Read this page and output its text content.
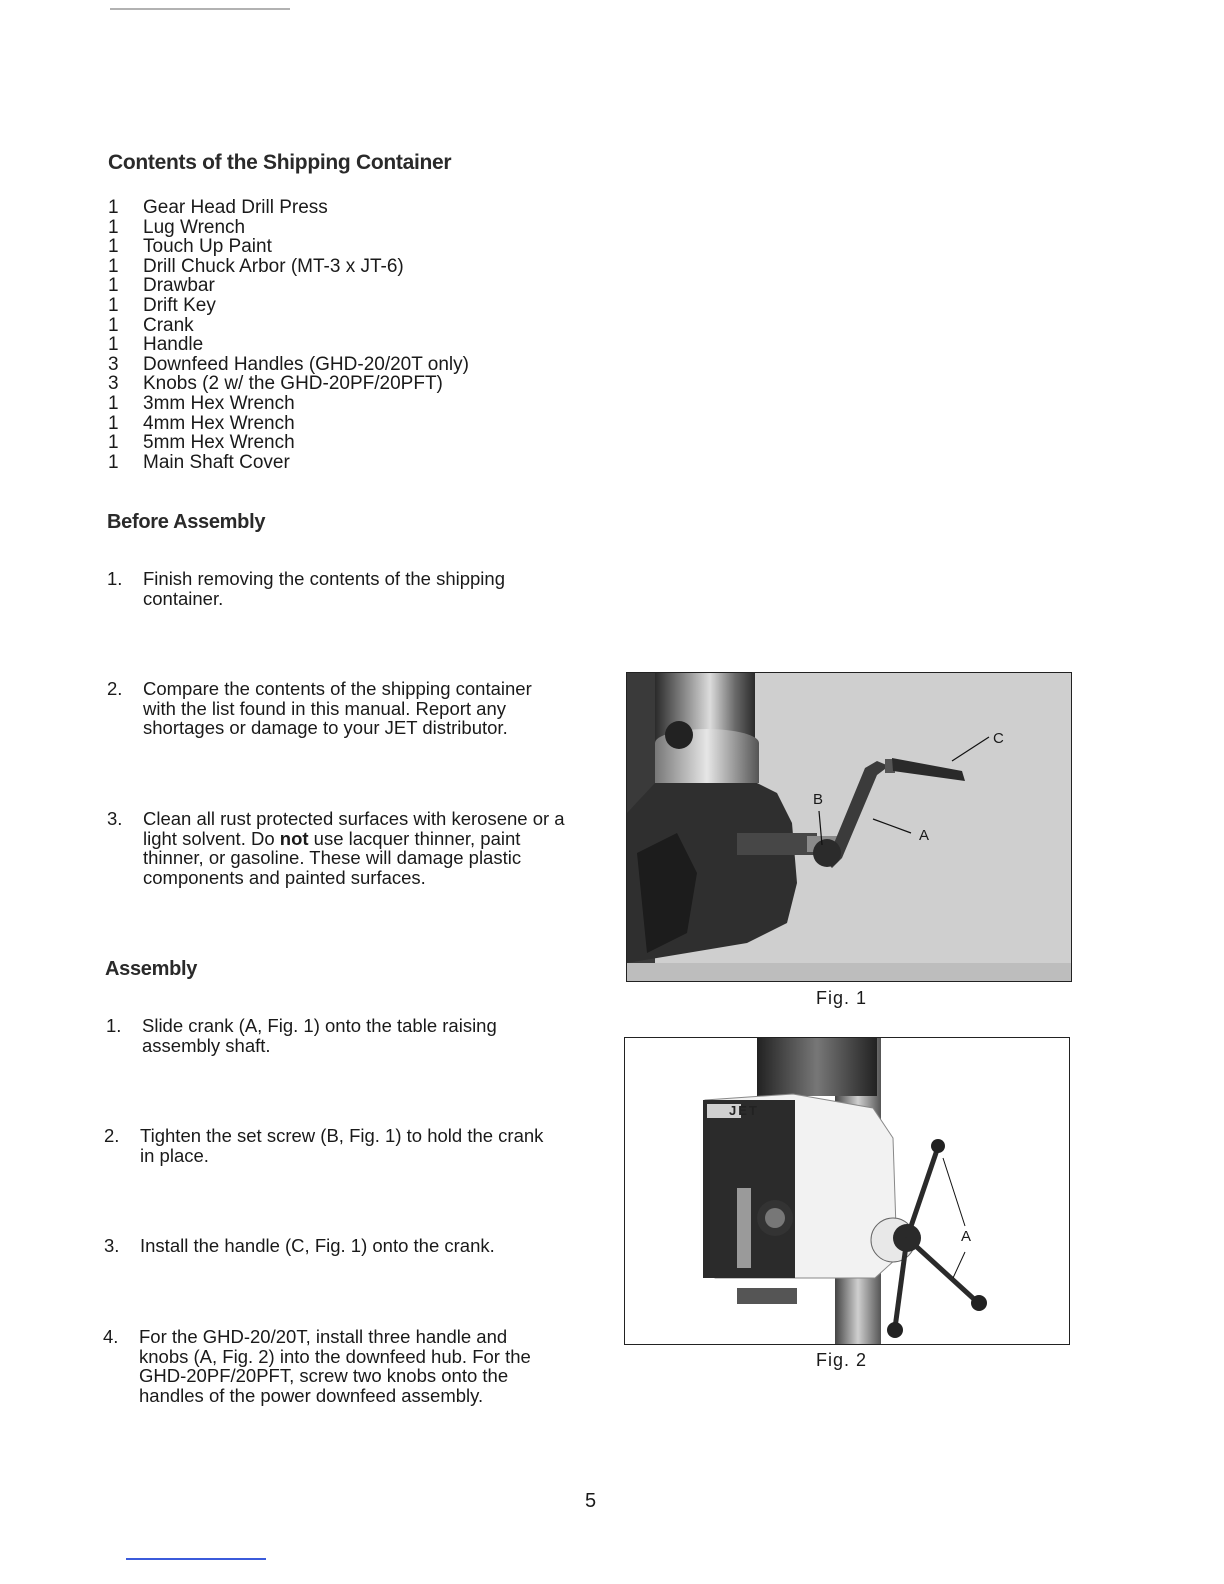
Contents of the Shipping Container
1	Gear Head Drill Press
1	Lug Wrench
1	Touch Up Paint
1	Drill Chuck Arbor (MT-3 x JT-6)
1	Drawbar
1	Drift Key
1	Crank
1	Handle
3	Downfeed Handles (GHD-20/20T only)
3	Knobs (2 w/ the GHD-20PF/20PFT)
1	3mm Hex Wrench
1	4mm Hex Wrench
1	5mm Hex Wrench
1	Main Shaft Cover
Before Assembly
1.	Finish removing the contents of the shipping container.
2.	Compare the contents of the shipping container with the list found in this manual. Report any shortages or damage to your JET distributor.
3.	Clean all rust protected surfaces with kerosene or a light solvent. Do not use lacquer thinner, paint thinner, or gasoline. These will damage plastic components and painted surfaces.
Assembly
1.	Slide crank (A, Fig. 1) onto the table raising assembly shaft.
2.	Tighten the set screw (B, Fig. 1) to hold the crank in place.
3.	Install the handle (C, Fig. 1) onto the crank.
4.	For the GHD-20/20T, install three handle and knobs (A, Fig. 2) into the downfeed hub. For the GHD-20PF/20PFT, screw two knobs onto the handles of the power downfeed assembly.
C
A
B
Fig. 1
JET
A
Fig. 2
5
